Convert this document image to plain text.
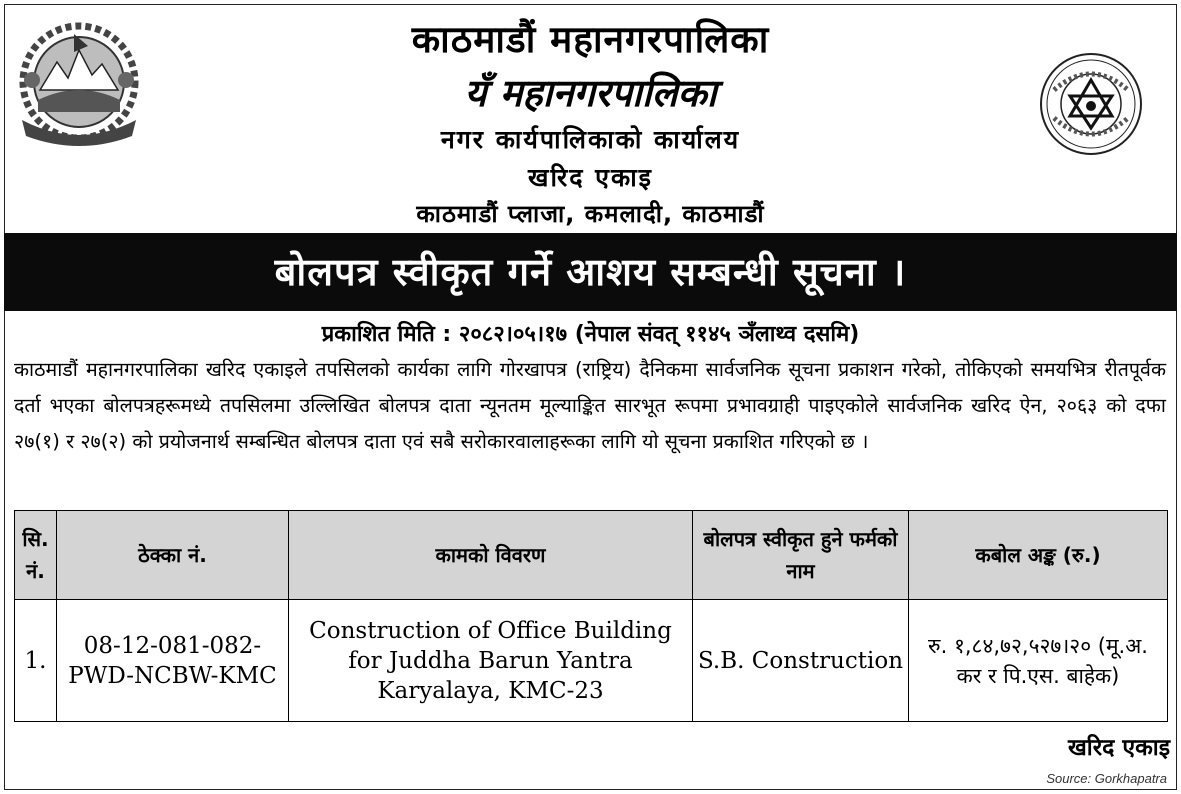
काठमाडौं महानगरपालिका
यँ महानगरपालिका
नगर कार्यपालिकाको कार्यालय
खरिद एकाइ
काठमाडौं प्लाजा, कमलादी, काठमाडौं
बोलपत्र स्वीकृत गर्ने आशय सम्बन्धी सूचना ।
प्रकाशित मिति : २०८२।०५।१७ (नेपाल संवत् ११४५ ञँलाथ्व दसमि)
काठमाडौं महानगरपालिका खरिद एकाइले तपसिलको कार्यका लागि गोरखापत्र (राष्ट्रिय) दैनिकमा सार्वजनिक सूचना प्रकाशन गरेको, तोकिएको समयभित्र रीतपूर्वक दर्ता भएका बोलपत्रहरूमध्ये तपसिलमा उल्लिखित बोलपत्र दाता न्यूनतम मूल्याङ्कित सारभूत रूपमा प्रभावग्राही पाइएकोले सार्वजनिक खरिद ऐन, २०६३ को दफा २७(१) र २७(२) को प्रयोजनार्थ सम्बन्धित बोलपत्र दाता एवं सबै सरोकारवालाहरूका लागि यो सूचना प्रकाशित गरिएको छ ।
सि. नं.	ठेक्का नं.	कामको विवरण	बोलपत्र स्वीकृत हुने फर्मको नाम	कबोल अङ्क (रु.)
1.	08-12-081-082-PWD-NCBW-KMC	Construction of Office Building for Juddha Barun Yantra Karyalaya, KMC-23	S.B. Construction	रु. १,८४,७२,५२७।२० (मू.अ. कर र पि.एस. बाहेक)
खरिद एकाइ
Source: Gorkhapatra
